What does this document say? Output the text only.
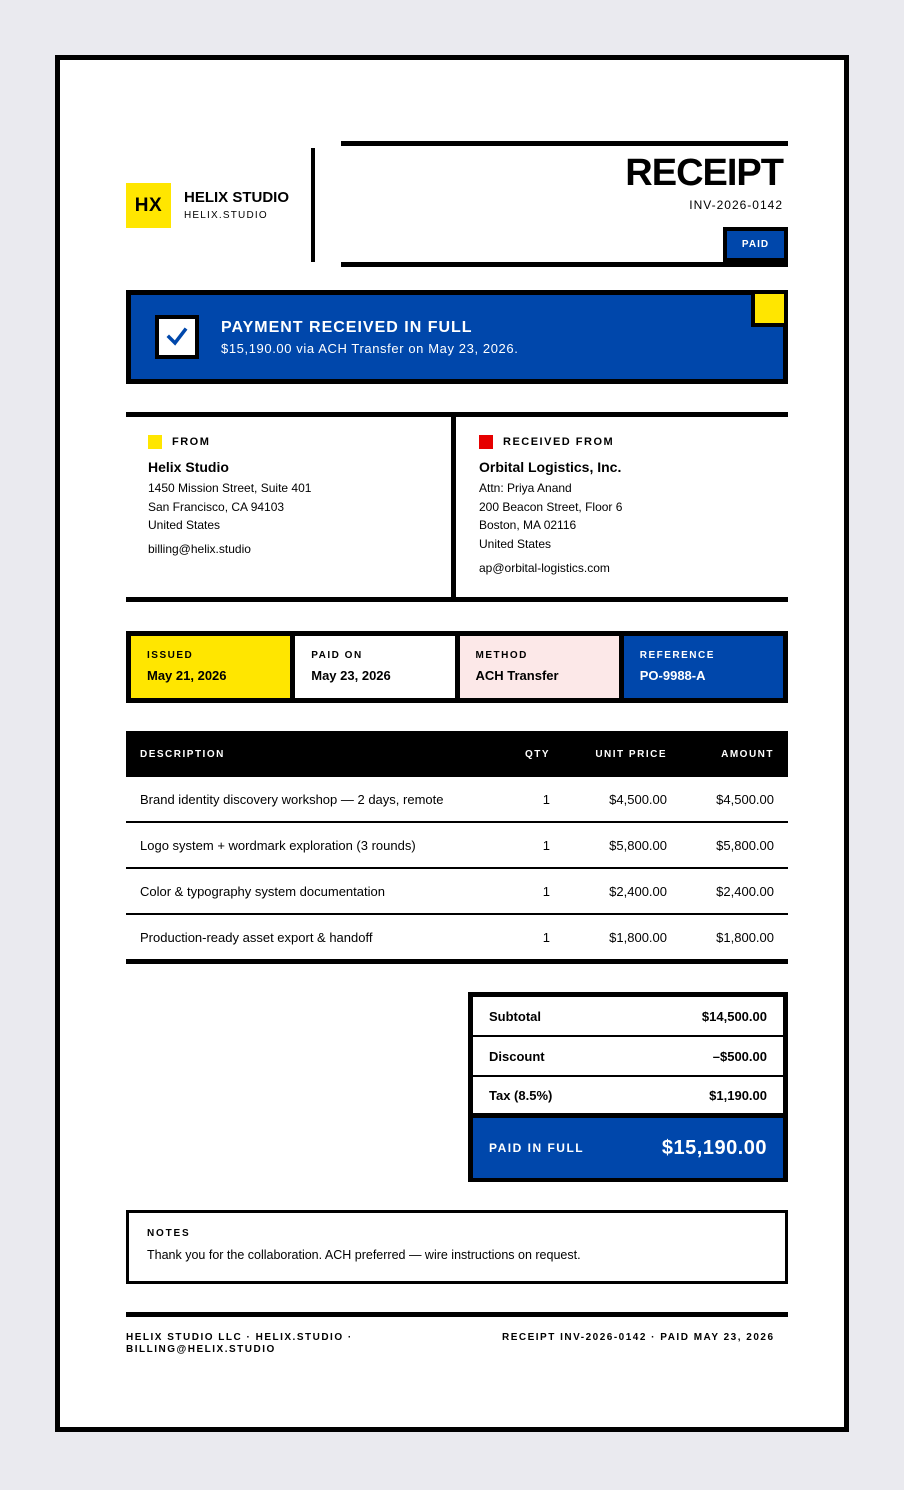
HX	HELIX STUDIO
HELIX.STUDIO
RECEIPT
INV-2026-0142
PAID
PAYMENT RECEIVED IN FULL
$15,190.00 via ACH Transfer on May 23, 2026.
FROM
Helix Studio
1450 Mission Street, Suite 401
San Francisco, CA 94103
United States
billing@helix.studio
RECEIVED FROM
Orbital Logistics, Inc.
Attn: Priya Anand
200 Beacon Street, Floor 6
Boston, MA 02116
United States
ap@orbital-logistics.com
ISSUED
May 21, 2026
PAID ON
May 23, 2026
METHOD
ACH Transfer
REFERENCE
PO-9988-A
DESCRIPTION	QTY	UNIT PRICE	AMOUNT
Brand identity discovery workshop — 2 days, remote	1	$4,500.00	$4,500.00
Logo system + wordmark exploration (3 rounds)	1	$5,800.00	$5,800.00
Color & typography system documentation	1	$2,400.00	$2,400.00
Production-ready asset export & handoff	1	$1,800.00	$1,800.00
Subtotal	$14,500.00
Discount	–$500.00
Tax (8.5%)	$1,190.00
PAID IN FULL	$15,190.00
NOTES
Thank you for the collaboration. ACH preferred — wire instructions on request.
HELIX STUDIO LLC · HELIX.STUDIO · BILLING@HELIX.STUDIO
RECEIPT INV-2026-0142 · PAID MAY 23, 2026
